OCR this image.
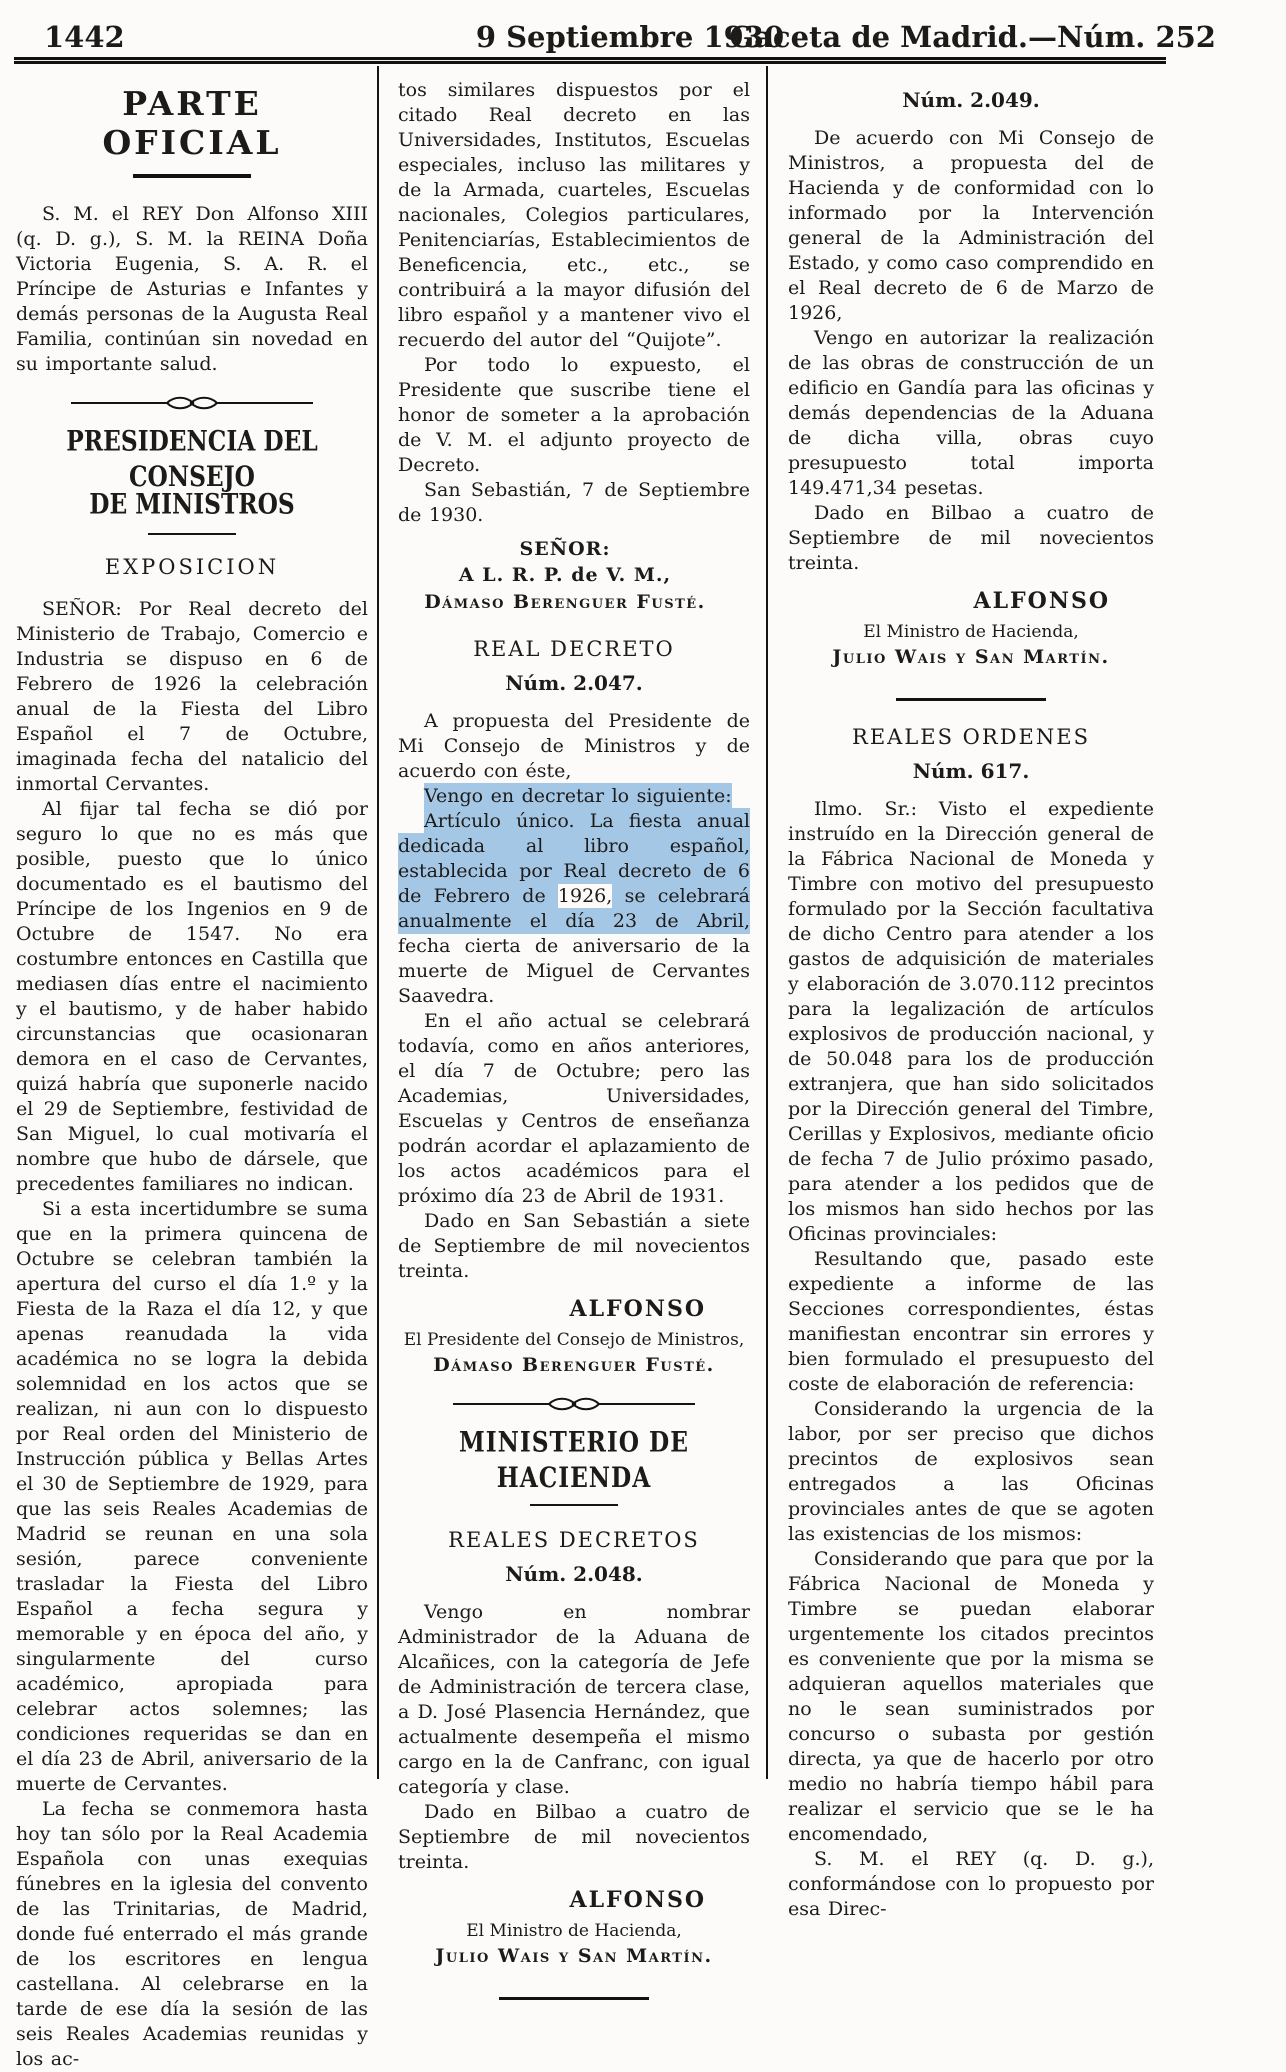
1442	9 Septiembre 1930
Gaceta de Madrid.—Núm. 252
PARTE OFICIAL

S. M. el REY Don Alfonso XIII (q. D. g.), S. M. la REINA Doña Victoria Eugenia, S. A. R. el Príncipe de Asturias e Infantes y demás personas de la Augusta Real Familia, continúan sin novedad en su importante salud.

PRESIDENCIA DEL CONSEJO
DE MINISTROS
EXPOSICION

SEÑOR: Por Real decreto del Ministerio de Trabajo, Comercio e Industria se dispuso en 6 de Febrero de 1926 la celebración anual de la Fiesta del Libro Español el 7 de Octubre, imaginada fecha del natalicio del inmortal Cervantes.

Al fijar tal fecha se dió por seguro lo que no es más que posible, puesto que lo único documentado es el bautismo del Príncipe de los Ingenios en 9 de Octubre de 1547. No era costumbre entonces en Castilla que mediasen días entre el nacimiento y el bautismo, y de haber habido circunstancias que ocasionaran demora en el caso de Cervantes, quizá habría que suponerle nacido el 29 de Septiembre, festividad de San Miguel, lo cual motivaría el nombre que hubo de dársele, que precedentes familiares no indican.

Si a esta incertidumbre se suma que en la primera quincena de Octubre se celebran también la apertura del curso el día 1.º y la Fiesta de la Raza el día 12, y que apenas reanudada la vida académica no se logra la debida solemnidad en los actos que se realizan, ni aun con lo dispuesto por Real orden del Ministerio de Instrucción pública y Bellas Artes el 30 de Septiembre de 1929, para que las seis Reales Academias de Madrid se reunan en una sola sesión, parece conveniente trasladar la Fiesta del Libro Español a fecha segura y memorable y en época del año, y singularmente del curso académico, apropiada para celebrar actos solemnes; las condiciones requeridas se dan en el día 23 de Abril, aniversario de la muerte de Cervantes.

La fecha se conmemora hasta hoy tan sólo por la Real Academia Española con unas exequias fúnebres en la iglesia del convento de las Trinitarias, de Madrid, donde fué enterrado el más grande de los escritores en lengua castellana. Al celebrarse en la tarde de ese día la sesión de las seis Reales Academias reunidas y los ac-

tos similares dispuestos por el citado Real decreto en las Universidades, Institutos, Escuelas especiales, incluso las militares y de la Armada, cuarteles, Escuelas nacionales, Colegios particulares, Penitenciarías, Establecimientos de Beneficencia, etc., etc., se contribuirá a la mayor difusión del libro español y a mantener vivo el recuerdo del autor del “Quijote”.

Por todo lo expuesto, el Presidente que suscribe tiene el honor de someter a la aprobación de V. M. el adjunto proyecto de Decreto.

San Sebastián, 7 de Septiembre de 1930.

SEÑOR:
A L. R. P. de V. M.,
Dámaso Berenguer Fusté.
REAL DECRETO
Núm. 2.047.

A propuesta del Presidente de Mi Consejo de Ministros y de acuerdo con éste,

Vengo en decretar lo siguiente:

Artículo único. La fiesta anual dedicada al libro español, establecida por Real decreto de 6 de Febrero de 1926, se celebrará anualmente el día 23 de Abril, fecha cierta de aniversario de la muerte de Miguel de Cervantes Saavedra.

En el año actual se celebrará todavía, como en años anteriores, el día 7 de Octubre; pero las Academias, Universidades, Escuelas y Centros de enseñanza podrán acordar el aplazamiento de los actos académicos para el próximo día 23 de Abril de 1931.

Dado en San Sebastián a siete de Septiembre de mil novecientos treinta.

ALFONSO
El Presidente del Consejo de Ministros,
Dámaso Berenguer Fusté.
MINISTERIO DE HACIENDA
REALES DECRETOS
Núm. 2.048.

Vengo en nombrar Administrador de la Aduana de Alcañices, con la categoría de Jefe de Administración de tercera clase, a D. José Plasencia Hernández, que actualmente desempeña el mismo cargo en la de Canfranc, con igual categoría y clase.

Dado en Bilbao a cuatro de Septiembre de mil novecientos treinta.

ALFONSO
El Ministro de Hacienda,
Julio Wais y San Martín.
Núm. 2.049.

De acuerdo con Mi Consejo de Ministros, a propuesta del de Hacienda y de conformidad con lo informado por la Intervención general de la Administración del Estado, y como caso comprendido en el Real decreto de 6 de Marzo de 1926,

Vengo en autorizar la realización de las obras de construcción de un edificio en Gandía para las oficinas y demás dependencias de la Aduana de dicha villa, obras cuyo presupuesto total importa 149.471,34 pesetas.

Dado en Bilbao a cuatro de Septiembre de mil novecientos treinta.

ALFONSO
El Ministro de Hacienda,
Julio Wais y San Martín.
REALES ORDENES
Núm. 617.

Ilmo. Sr.: Visto el expediente instruído en la Dirección general de la Fábrica Nacional de Moneda y Timbre con motivo del presupuesto formulado por la Sección facultativa de dicho Centro para atender a los gastos de adquisición de materiales y elaboración de 3.070.112 precintos para la legalización de artículos explosivos de producción nacional, y de 50.048 para los de producción extranjera, que han sido solicitados por la Dirección general del Timbre, Cerillas y Explosivos, mediante oficio de fecha 7 de Julio próximo pasado, para atender a los pedidos que de los mismos han sido hechos por las Oficinas provinciales:

Resultando que, pasado este expediente a informe de las Secciones correspondientes, éstas manifiestan encontrar sin errores y bien formulado el presupuesto del coste de elaboración de referencia:

Considerando la urgencia de la labor, por ser preciso que dichos precintos de explosivos sean entregados a las Oficinas provinciales antes de que se agoten las existencias de los mismos:

Considerando que para que por la Fábrica Nacional de Moneda y Timbre se puedan elaborar urgentemente los citados precintos es conveniente que por la misma se adquieran aquellos materiales que no le sean suministrados por concurso o subasta por gestión directa, ya que de hacerlo por otro medio no habría tiempo hábil para realizar el servicio que se le ha encomendado,

S. M. el REY (q. D. g.), conformándose con lo propuesto por esa Direc-
